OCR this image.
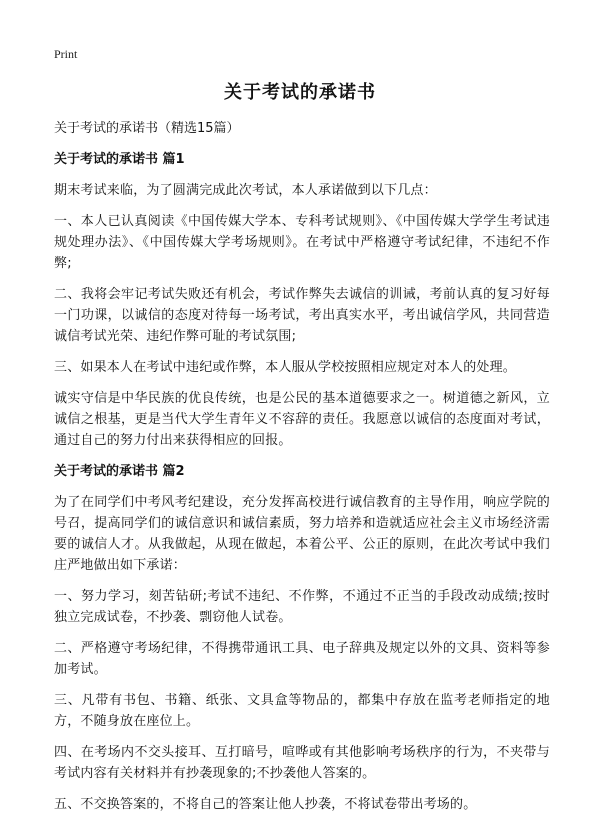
Print
关于考试的承诺书

关于考试的承诺书（精选15篇）

关于考试的承诺书 篇1

期末考试来临，为了圆满完成此次考试，本人承诺做到以下几点：

一、本人已认真阅读《中国传媒大学本、专科考试规则》、《中国传媒大学学生考试违规处理办法》、《中国传媒大学考场规则》。在考试中严格遵守考试纪律，不违纪不作弊;

二、我将会牢记考试失败还有机会，考试作弊失去诚信的训诫，考前认真的复习好每一门功课，以诚信的态度对待每一场考试，考出真实水平，考出诚信学风，共同营造诚信考试光荣、违纪作弊可耻的考试氛围;

三、如果本人在考试中违纪或作弊，本人服从学校按照相应规定对本人的处理。

诚实守信是中华民族的优良传统，也是公民的基本道德要求之一。树道德之新风，立诚信之根基，更是当代大学生青年义不容辞的责任。我愿意以诚信的态度面对考试，通过自己的努力付出来获得相应的回报。

关于考试的承诺书 篇2

为了在同学们中考风考纪建设，充分发挥高校进行诚信教育的主导作用，响应学院的号召，提高同学们的诚信意识和诚信素质，努力培养和造就适应社会主义市场经济需要的诚信人才。从我做起，从现在做起，本着公平、公正的原则，在此次考试中我们庄严地做出如下承诺：

一、努力学习，刻苦钻研;考试不违纪、不作弊，不通过不正当的手段改动成绩;按时独立完成试卷，不抄袭、剽窃他人试卷。

二、严格遵守考场纪律，不得携带通讯工具、电子辞典及规定以外的文具、资料等参加考试。

三、凡带有书包、书籍、纸张、文具盒等物品的，都集中存放在监考老师指定的地方，不随身放在座位上。

四、在考场内不交头接耳、互打暗号，喧哗或有其他影响考场秩序的行为，不夹带与考试内容有关材料并有抄袭现象的;不抄袭他人答案的。

五、不交换答案的，不将自己的答案让他人抄袭，不将试卷带出考场的。
